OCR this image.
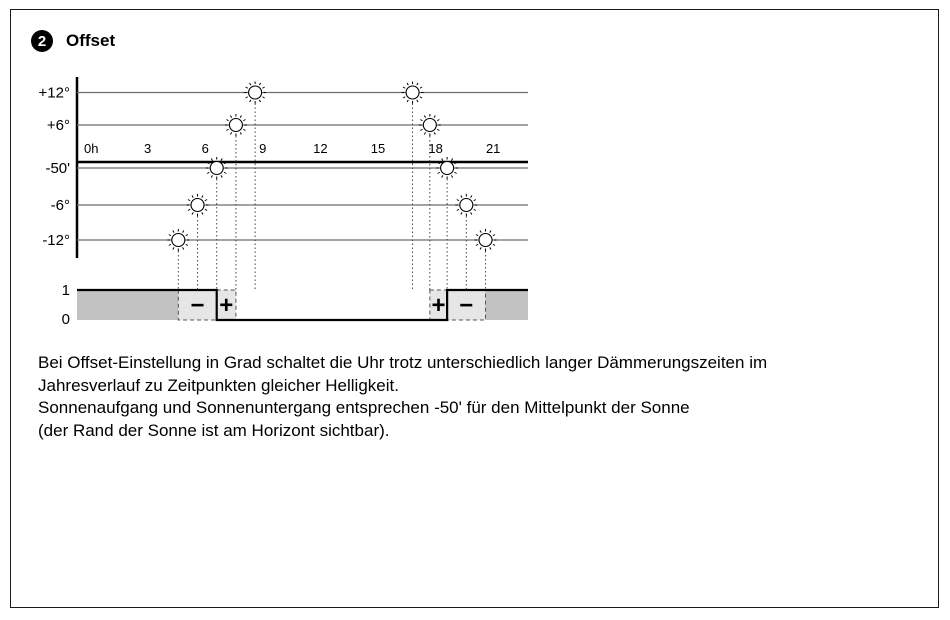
2	Offset
+12°
+6°
-50'
-6°
-12°
0h	3	6	9	12	15	18	21
1
0
− +	+ −

Bei Offset-Einstellung in Grad schaltet die Uhr trotz unterschiedlich langer Dämmerungszeiten im

Jahresverlauf zu Zeitpunkten gleicher Helligkeit.

Sonnenaufgang und Sonnenuntergang entsprechen -50' für den Mittelpunkt der Sonne

(der Rand der Sonne ist am Horizont sichtbar).
